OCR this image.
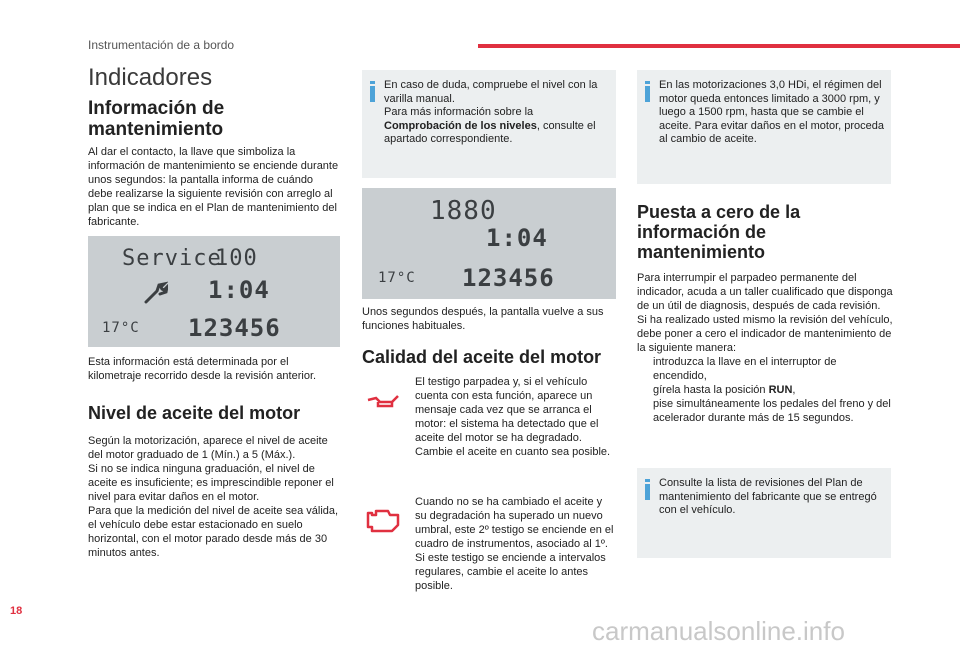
Instrumentación de a bordo
Indicadores
Información de mantenimiento
Al dar el contacto, la llave que simboliza la información de mantenimiento se enciende durante unos segundos: la pantalla informa de cuándo debe realizarse la siguiente revisión con arreglo al plan que se indica en el Plan de mantenimiento del fabricante.
Service
100
1:04
17°C 123456
Esta información está determinada por el kilometraje recorrido desde la revisión anterior.
Nivel de aceite del motor
Según la motorización, aparece el nivel de aceite del motor graduado de 1 (Mín.) a 5 (Máx.).
Si no se indica ninguna graduación, el nivel de aceite es insuficiente; es imprescindible reponer el nivel para evitar daños en el motor.
Para que la medición del nivel de aceite sea válida, el vehículo debe estar estacionado en suelo horizontal, con el motor parado desde más de 30 minutos antes.
En caso de duda, compruebe el nivel con la varilla manual.
Para más información sobre la
Comprobación de los niveles, consulte el apartado correspondiente.
1880
1:04
17°C 123456
Unos segundos después, la pantalla vuelve a sus funciones habituales.
Calidad del aceite del motor
El testigo parpadea y, si el vehículo cuenta con esta función, aparece un mensaje cada vez que se arranca el motor: el sistema ha detectado que el aceite del motor se ha degradado. Cambie el aceite en cuanto sea posible.
Cuando no se ha cambiado el aceite y su degradación ha superado un nuevo umbral, este 2º testigo se enciende en el cuadro de instrumentos, asociado al 1º. Si este testigo se enciende a intervalos regulares, cambie el aceite lo antes posible.
En las motorizaciones 3,0 HDi, el régimen del motor queda entonces limitado a 3000 rpm, y luego a 1500 rpm, hasta que se cambie el aceite. Para evitar daños en el motor, proceda al cambio de aceite.
Puesta a cero de la información de mantenimiento
Para interrumpir el parpadeo permanente del indicador, acuda a un taller cualificado que disponga de un útil de diagnosis, después de cada revisión.
Si ha realizado usted mismo la revisión del vehículo, debe poner a cero el indicador de mantenimiento de la siguiente manera:
introduzca la llave en el interruptor de encendido,
gírela hasta la posición RUN,
pise simultáneamente los pedales del freno y del acelerador durante más de 15 segundos.
Consulte la lista de revisiones del Plan de mantenimiento del fabricante que se entregó con el vehículo.
18
carmanualsonline.info
